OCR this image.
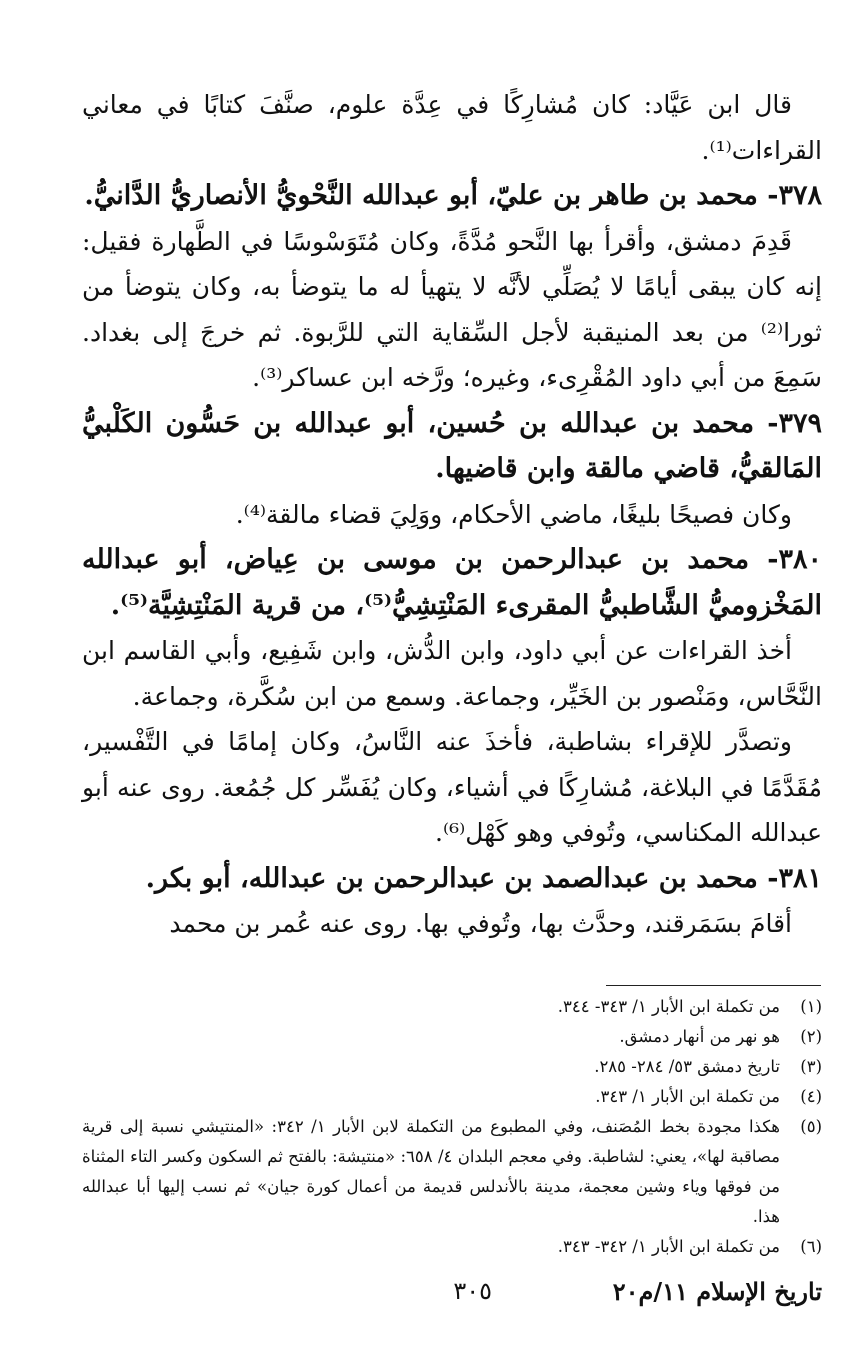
قال ابن عَيَّاد: كان مُشارِكًا في عِدَّة علوم، صنَّفَ كتابًا في معاني القراءات⁽¹⁾.

٣٧٨- محمد بن طاهر بن عليّ، أبو عبدالله النَّحْويُّ الأنصاريُّ الدَّانيُّ.

قَدِمَ دمشق، وأقرأ بها النَّحو مُدَّةً، وكان مُتَوَسْوسًا في الطَّهارة فقيل: إنه كان يبقى أيامًا لا يُصَلِّي لأنَّه لا يتهيأ له ما يتوضأ به، وكان يتوضأ من ثورا⁽²⁾ من بعد المنيقبة لأجل السِّقاية التي للرَّبوة. ثم خرجَ إلى بغداد. سَمِعَ من أبي داود المُقْرِىء، وغيره؛ ورَّخه ابن عساكر⁽³⁾.

٣٧٩- محمد بن عبدالله بن حُسين، أبو عبدالله بن حَسُّون الكَلْبيُّ المَالقيُّ، قاضي مالقة وابن قاضيها.

وكان فصيحًا بليغًا، ماضي الأحكام، ووَلِيَ قضاء مالقة⁽⁴⁾.

٣٨٠- محمد بن عبدالرحمن بن موسى بن عِياض، أبو عبدالله المَخْزوميُّ الشَّاطبيُّ المقرىء المَنْتِشِيُّ⁽⁵⁾، من قرية المَنْتِشِيَّة⁽⁵⁾.

أخذ القراءات عن أبي داود، وابن الدُّش، وابن شَفِيع، وأبي القاسم ابن النَّحَّاس، ومَنْصور بن الخَيِّر، وجماعة. وسمع من ابن سُكَّرة، وجماعة.

وتصدَّر للإقراء بشاطبة، فأخذَ عنه النَّاسُ، وكان إمامًا في التَّفْسير، مُقَدَّمًا في البلاغة، مُشارِكًا في أشياء، وكان يُفَسِّر كل جُمُعة. روى عنه أبو عبدالله المكناسي، وتُوفي وهو كَهْل⁽⁶⁾.

٣٨١- محمد بن عبدالصمد بن عبدالرحمن بن عبدالله، أبو بكر.

أقامَ بسَمَرقند، وحدَّث بها، وتُوفي بها. روى عنه عُمر بن محمد

(١)
من تكملة ابن الأبار ١/ ٣٤٣- ٣٤٤.
(٢)
هو نهر من أنهار دمشق.
(٣)
تاريخ دمشق ٥٣/ ٢٨٤- ٢٨٥.
(٤)
من تكملة ابن الأبار ١/ ٣٤٣.
(٥)
هكذا مجودة بخط المُصَنف، وفي المطبوع من التكملة لابن الأبار ١/ ٣٤٢: «المنتيشي نسبة إلى قرية مصاقبة لها»، يعني: لشاطبة. وفي معجم البلدان ٤/ ٦٥٨: «منتيشة: بالفتح ثم السكون وكسر التاء المثناة من فوقها وياء وشين معجمة، مدينة بالأندلس قديمة من أعمال كورة جيان» ثم نسب إليها أبا عبدالله هذا.
(٦)
من تكملة ابن الأبار ١/ ٣٤٢- ٣٤٣.
تاريخ الإسلام ١١/م٢٠
٣٠٥
